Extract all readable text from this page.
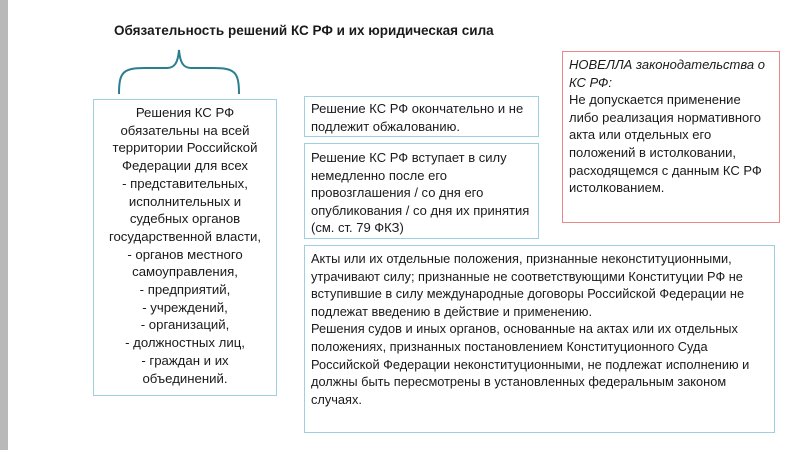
Обязательность решений КС РФ и их юридическая сила
Решения КС РФ
обязательны на всей
территории Российской
Федерации для всех
- представительных,
исполнительных и
судебных органов
государственной власти,
- органов местного
самоуправления,
- предприятий,
- учреждений,
- организаций,
- должностных лиц,
- граждан и их
объединений.
Решение КС РФ окончательно и не подлежит обжалованию.
Решение КС РФ вступает в силу немедленно после его провозглашения / со дня его опубликования / со дня их принятия (см. ст. 79 ФКЗ)
НОВЕЛЛА законодательства о КС РФ:
Не допускается применение либо реализация нормативного акта или отдельных его положений в истолковании, расходящемся с данным КС РФ истолкованием.
Акты или их отдельные положения, признанные неконституционными, утрачивают силу; признанные не соответствующими Конституции РФ не вступившие в силу международные договоры Российской Федерации не подлежат введению в действие и применению.
Решения судов и иных органов, основанные на актах или их отдельных положениях, признанных постановлением Конституционного Суда Российской Федерации неконституционными, не подлежат исполнению и должны быть пересмотрены в установленных федеральным законом случаях.
